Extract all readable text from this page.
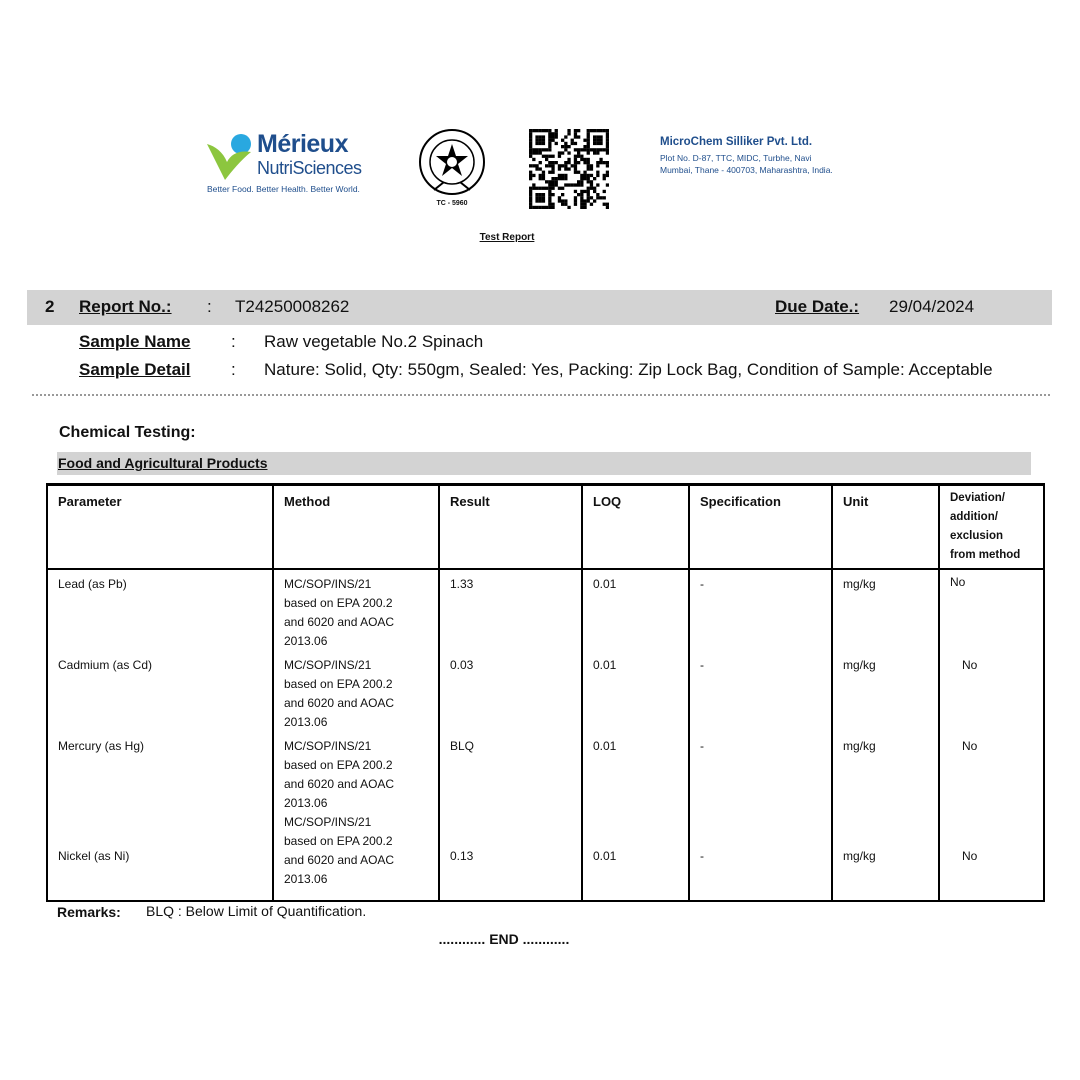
Mérieux
NutriSciences
Better Food. Better Health. Better World.
TC - 5960
MicroChem Silliker Pvt. Ltd.
Plot No. D-87, TTC, MIDC, Turbhe, Navi
Mumbai, Thane - 400703, Maharashtra, India.
Test Report
2 Report No.: : T24250008262	Due Date.: 29/04/2024
Sample Name : Raw vegetable No.2 Spinach
Sample Detail : Nature: Solid, Qty: 550gm, Sealed: Yes, Packing: Zip Lock Bag, Condition of Sample: Acceptable
Chemical Testing:
Food and Agricultural Products
Parameter	Method	Result	LOQ	Specification	Unit	Deviation/
addition/
exclusion
from method

Lead (as Pb)	MC/SOP/INS/21
based on EPA 200.2
and 6020 and AOAC
2013.06	1.33	0.01	-	mg/kg	No
Cadmium (as Cd)	MC/SOP/INS/21
based on EPA 200.2
and 6020 and AOAC
2013.06	0.03	0.01	-	mg/kg	No
Mercury (as Hg)	MC/SOP/INS/21
based on EPA 200.2
and 6020 and AOAC
2013.06	BLQ	0.01	-	mg/kg	No
Nickel (as Ni)	MC/SOP/INS/21
based on EPA 200.2
and 6020 and AOAC
2013.06	0.13	0.01	-	mg/kg	No
Remarks: BLQ : Below Limit of Quantification.
............ END ............
